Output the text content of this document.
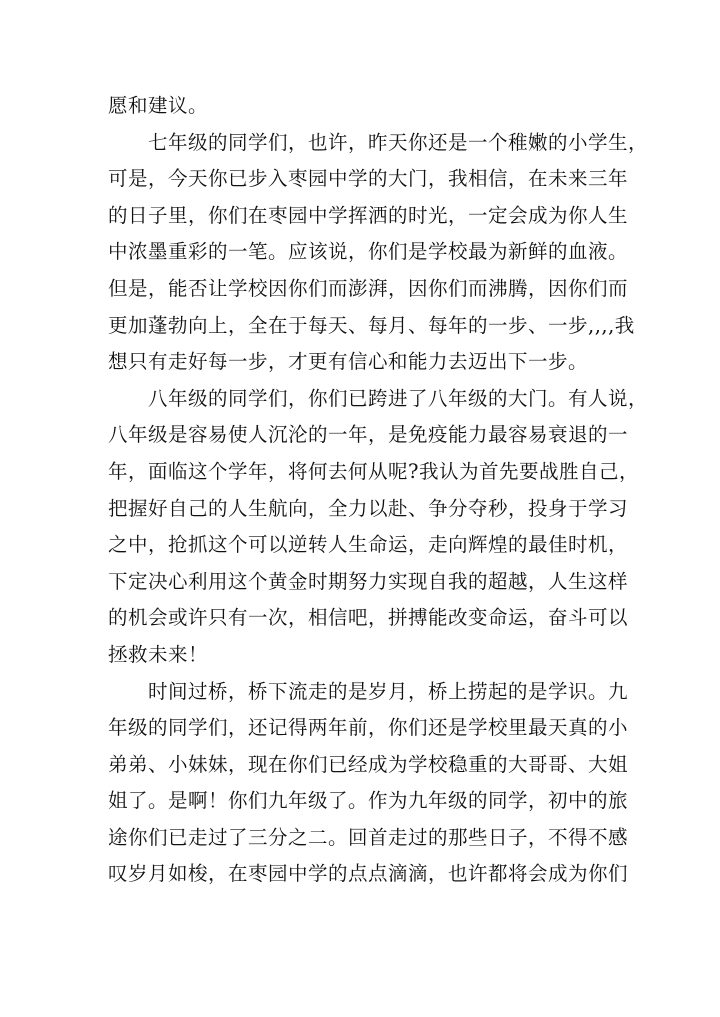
愿和建议。
七年级的同学们，也许，昨天你还是一个稚嫩的小学生，
可是，今天你已步入枣园中学的大门，我相信，在未来三年
的日子里，你们在枣园中学挥洒的时光，一定会成为你人生
中浓墨重彩的一笔。应该说，你们是学校最为新鲜的血液。
但是，能否让学校因你们而澎湃，因你们而沸腾，因你们而
更加蓬勃向上，全在于每天、每月、每年的一步、一步,,,,我
想只有走好每一步，才更有信心和能力去迈出下一步。
八年级的同学们，你们已跨进了八年级的大门。有人说，
八年级是容易使人沉沦的一年，是免疫能力最容易衰退的一
年，面临这个学年，将何去何从呢?我认为首先要战胜自己，
把握好自己的人生航向，全力以赴、争分夺秒，投身于学习
之中，抢抓这个可以逆转人生命运，走向辉煌的最佳时机，
下定决心利用这个黄金时期努力实现自我的超越，人生这样
的机会或许只有一次，相信吧，拼搏能改变命运，奋斗可以
拯救未来！
时间过桥，桥下流走的是岁月，桥上捞起的是学识。九
年级的同学们，还记得两年前，你们还是学校里最天真的小
弟弟、小妹妹，现在你们已经成为学校稳重的大哥哥、大姐
姐了。是啊！你们九年级了。作为九年级的同学，初中的旅
途你们已走过了三分之二。回首走过的那些日子，不得不感
叹岁月如梭，在枣园中学的点点滴滴，也许都将会成为你们
